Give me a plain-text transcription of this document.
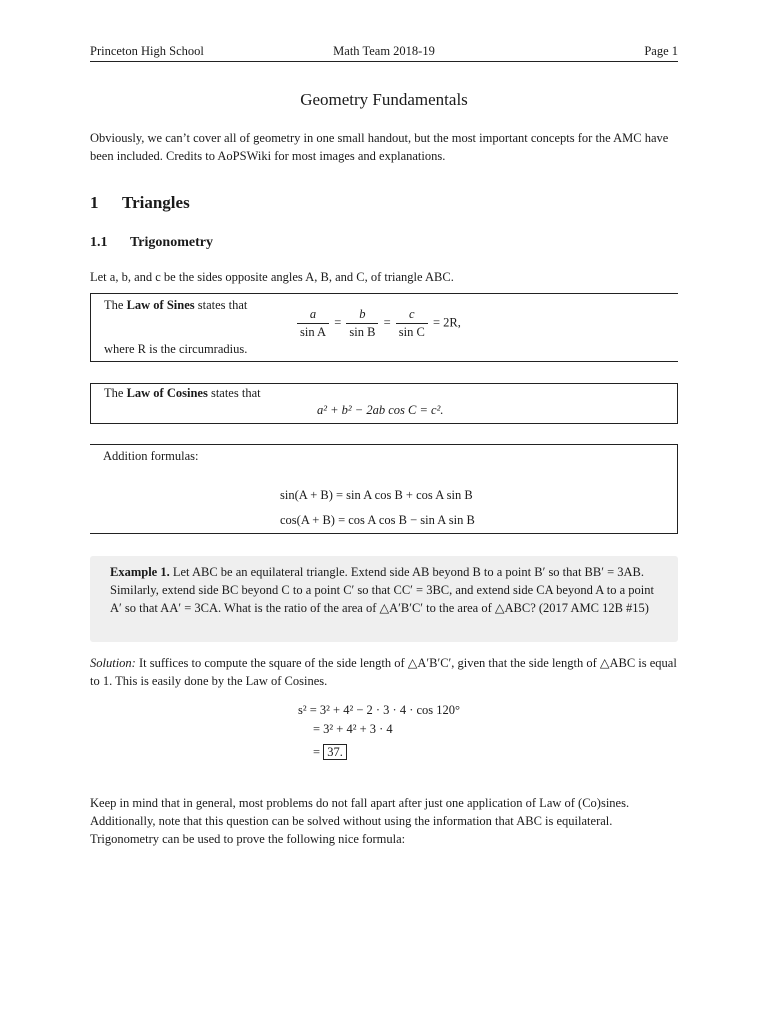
Princeton High School	Math Team 2018-19	Page 1
Geometry Fundamentals
Obviously, we can’t cover all of geometry in one small handout, but the most important concepts for the AMC have been included. Credits to AoPSWiki for most images and explanations.
1 Triangles
1.1 Trigonometry
Let a, b, and c be the sides opposite angles A, B, and C, of triangle ABC.
The Law of Sines states that
$\frac{a}{\text{sin A}} = \frac{b}{\text{sin B}} = \frac{c}{\text{sin C}} = 2R$,
where R is the circumradius.
The Law of Cosines states that
a² + b² − 2ab cos C = c².
Addition formulas:
sin(A + B) = sin A cos B + cos A sin B
cos(A + B) = cos A cos B − sin A sin B
Example 1. Let ABC be an equilateral triangle. Extend side AB beyond B to a point B′ so that BB′ = 3AB. Similarly, extend side BC beyond C to a point C′ so that CC′ = 3BC, and extend side CA beyond A to a point A′ so that AA′ = 3CA. What is the ratio of the area of △A′B′C′ to the area of △ABC? (2017 AMC 12B #15)
Solution: It suffices to compute the square of the side length of △A′B′C′, given that the side length of △ABC is equal to 1. This is easily done by the Law of Cosines.
s² = 3² + 4² − 2 · 3 · 4 · cos 120°
= 3² + 4² + 3 · 4
= 37.
Keep in mind that in general, most problems do not fall apart after just one application of Law of (Co)sines. Additionally, note that this question can be solved without using the information that ABC is equilateral. Trigonometry can be used to prove the following nice formula:
